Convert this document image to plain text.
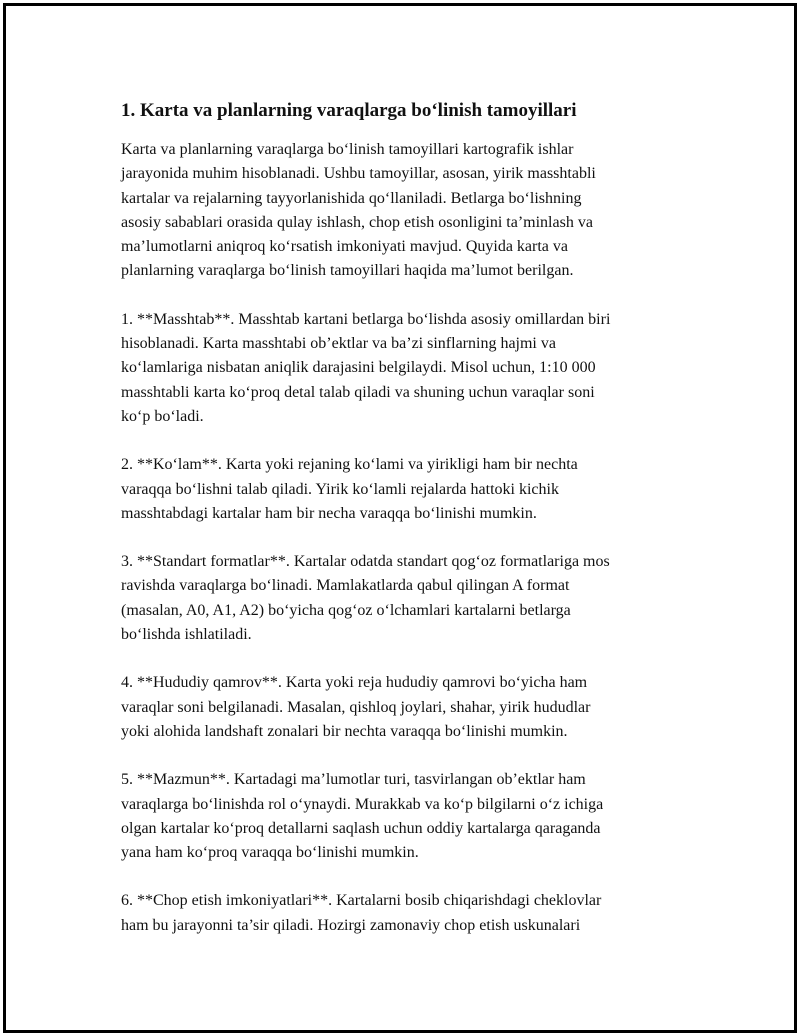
1. Karta va planlarning varaqlarga bo‘linish tamoyillari
Karta va planlarning varaqlarga bo‘linish tamoyillari kartografik ishlar
jarayonida muhim hisoblanadi. Ushbu tamoyillar, asosan, yirik masshtabli
kartalar va rejalarning tayyorlanishida qo‘llaniladi. Betlarga bo‘lishning
asosiy sabablari orasida qulay ishlash, chop etish osonligini ta’minlash va
ma’lumotlarni aniqroq ko‘rsatish imkoniyati mavjud. Quyida karta va
planlarning varaqlarga bo‘linish tamoyillari haqida ma’lumot berilgan.
1. **Masshtab**. Masshtab kartani betlarga bo‘lishda asosiy omillardan biri
hisoblanadi. Karta masshtabi ob’ektlar va ba’zi sinflarning hajmi va
ko‘lamlariga nisbatan aniqlik darajasini belgilaydi. Misol uchun, 1:10 000
masshtabli karta ko‘proq detal talab qiladi va shuning uchun varaqlar soni
ko‘p bo‘ladi.
2. **Ko‘lam**. Karta yoki rejaning ko‘lami va yirikligi ham bir nechta
varaqqa bo‘lishni talab qiladi. Yirik ko‘lamli rejalarda hattoki kichik
masshtabdagi kartalar ham bir necha varaqqa bo‘linishi mumkin.
3. **Standart formatlar**. Kartalar odatda standart qog‘oz formatlariga mos
ravishda varaqlarga bo‘linadi. Mamlakatlarda qabul qilingan A format
(masalan, A0, A1, A2) bo‘yicha qog‘oz o‘lchamlari kartalarni betlarga
bo‘lishda ishlatiladi.
4. **Hududiy qamrov**. Karta yoki reja hududiy qamrovi bo‘yicha ham
varaqlar soni belgilanadi. Masalan, qishloq joylari, shahar, yirik hududlar
yoki alohida landshaft zonalari bir nechta varaqqa bo‘linishi mumkin.
5. **Mazmun**. Kartadagi ma’lumotlar turi, tasvirlangan ob’ektlar ham
varaqlarga bo‘linishda rol o‘ynaydi. Murakkab va ko‘p bilgilarni o‘z ichiga
olgan kartalar ko‘proq detallarni saqlash uchun oddiy kartalarga qaraganda
yana ham ko‘proq varaqqa bo‘linishi mumkin.
6. **Chop etish imkoniyatlari**. Kartalarni bosib chiqarishdagi cheklovlar
ham bu jarayonni ta’sir qiladi. Hozirgi zamonaviy chop etish uskunalari
